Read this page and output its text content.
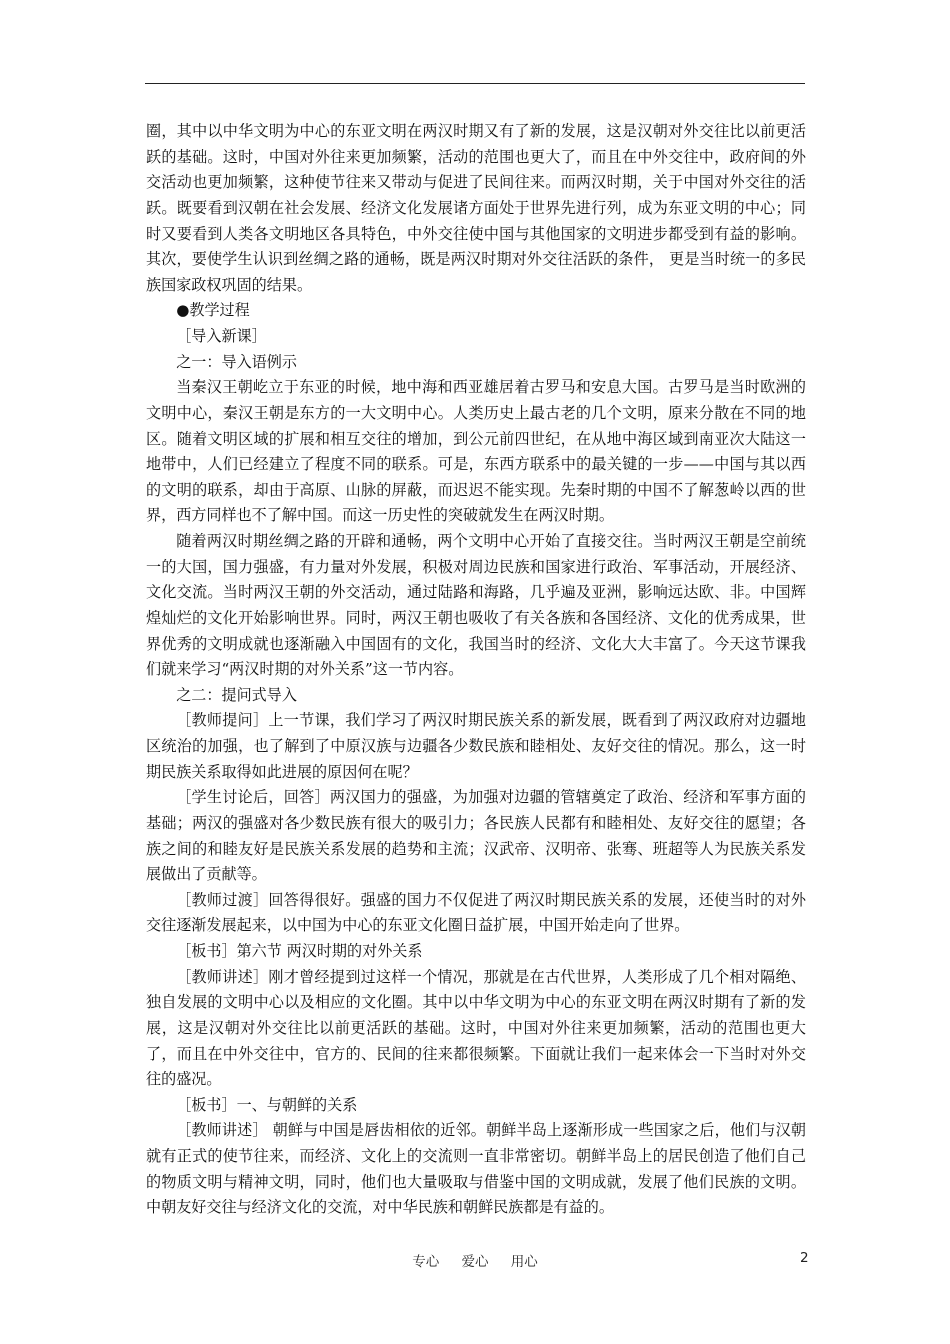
圈，其中以中华文明为中心的东亚文明在两汉时期又有了新的发展，这是汉朝对外交往比以前更活跃的基础。这时，中国对外往来更加频繁，活动的范围也更大了，而且在中外交往中，政府间的外交活动也更加频繁，这种使节往来又带动与促进了民间往来。而两汉时期，关于中国对外交往的活跃。既要看到汉朝在社会发展、经济文化发展诸方面处于世界先进行列，成为东亚文明的中心；同时又要看到人类各文明地区各具特色，中外交往使中国与其他国家的文明进步都受到有益的影响。其次，要使学生认识到丝绸之路的通畅，既是两汉时期对外交往活跃的条件， 更是当时统一的多民族国家政权巩固的结果。

●教学过程

［导入新课］

之一：导入语例示

当秦汉王朝屹立于东亚的时候，地中海和西亚雄居着古罗马和安息大国。古罗马是当时欧洲的文明中心，秦汉王朝是东方的一大文明中心。人类历史上最古老的几个文明，原来分散在不同的地区。随着文明区域的扩展和相互交往的增加，到公元前四世纪，在从地中海区域到南亚次大陆这一地带中，人们已经建立了程度不同的联系。可是，东西方联系中的最关键的一步——中国与其以西的文明的联系，却由于高原、山脉的屏蔽，而迟迟不能实现。先秦时期的中国不了解葱岭以西的世界，西方同样也不了解中国。而这一历史性的突破就发生在两汉时期。

随着两汉时期丝绸之路的开辟和通畅，两个文明中心开始了直接交往。当时两汉王朝是空前统一的大国，国力强盛，有力量对外发展，积极对周边民族和国家进行政治、军事活动，开展经济、文化交流。当时两汉王朝的外交活动，通过陆路和海路，几乎遍及亚洲，影响远达欧、非。中国辉煌灿烂的文化开始影响世界。同时，两汉王朝也吸收了有关各族和各国经济、文化的优秀成果，世界优秀的文明成就也逐渐融入中国固有的文化，我国当时的经济、文化大大丰富了。今天这节课我们就来学习“两汉时期的对外关系”这一节内容。

之二：提问式导入

［教师提问］上一节课，我们学习了两汉时期民族关系的新发展，既看到了两汉政府对边疆地区统治的加强，也了解到了中原汉族与边疆各少数民族和睦相处、友好交往的情况。那么，这一时期民族关系取得如此进展的原因何在呢？

［学生讨论后，回答］两汉国力的强盛，为加强对边疆的管辖奠定了政治、经济和军事方面的基础；两汉的强盛对各少数民族有很大的吸引力；各民族人民都有和睦相处、友好交往的愿望；各族之间的和睦友好是民族关系发展的趋势和主流；汉武帝、汉明帝、张骞、班超等人为民族关系发展做出了贡献等。

［教师过渡］回答得很好。强盛的国力不仅促进了两汉时期民族关系的发展，还使当时的对外交往逐渐发展起来，以中国为中心的东亚文化圈日益扩展，中国开始走向了世界。

［板书］第六节 两汉时期的对外关系

［教师讲述］刚才曾经提到过这样一个情况，那就是在古代世界，人类形成了几个相对隔绝、独自发展的文明中心以及相应的文化圈。其中以中华文明为中心的东亚文明在两汉时期有了新的发展，这是汉朝对外交往比以前更活跃的基础。这时，中国对外往来更加频繁，活动的范围也更大了，而且在中外交往中，官方的、民间的往来都很频繁。下面就让我们一起来体会一下当时对外交往的盛况。

［板书］一、与朝鲜的关系

［教师讲述］ 朝鲜与中国是唇齿相依的近邻。朝鲜半岛上逐渐形成一些国家之后，他们与汉朝就有正式的使节往来，而经济、文化上的交流则一直非常密切。朝鲜半岛上的居民创造了他们自己的物质文明与精神文明，同时，他们也大量吸取与借鉴中国的文明成就，发展了他们民族的文明。中朝友好交往与经济文化的交流，对中华民族和朝鲜民族都是有益的。

专心 爱心 用心	2
